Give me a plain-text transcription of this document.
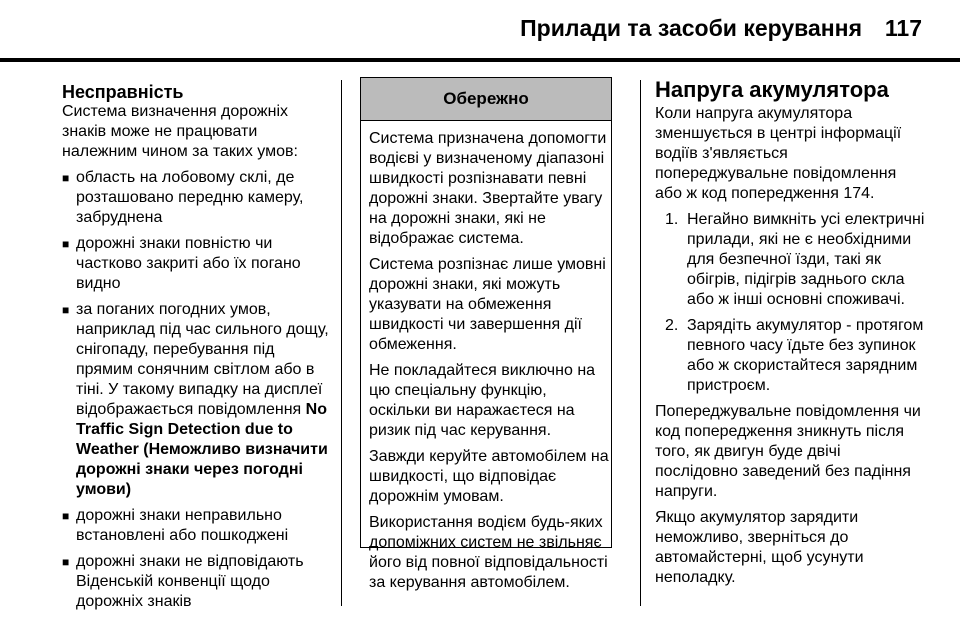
Прилади та засоби керування 117
Несправність

Система визначення дорожніх знаків може не працювати належним чином за таких умов:

■ область на лобовому склі, де розташовано передню камеру, забруднена
■ дорожні знаки повністю чи частково закриті або їх погано видно
■ за поганих погодних умов, наприклад під час сильного дощу, снігопаду, перебування під прямим сонячним світлом або в тіні. У такому випадку на дисплеї відображається повідомлення No Traffic Sign Detection due to Weather (Неможливо визначити дорожні знаки через погодні умови)
■ дорожні знаки неправильно встановлені або пошкоджені
■ дорожні знаки не відповідають Віденській конвенції щодо дорожніх знаків
Обережно

Система призначена допомогти водієві у визначеному діапазоні швидкості розпізнавати певні дорожні знаки. Звертайте увагу на дорожні знаки, які не відображає система.

Система розпізнає лише умовні дорожні знаки, які можуть указувати на обмеження швидкості чи завершення дії обмеження.

Не покладайтеся виключно на цю спеціальну функцію, оскільки ви наражаєтеся на ризик під час керування.

Завжди керуйте автомобілем на швидкості, що відповідає дорожнім умовам.

Використання водієм будь-яких допоміжних систем не звільняє його від повної відповідальності за керування автомобілем.

Напруга акумулятора

Коли напруга акумулятора зменшується в центрі інформації водіїв з'являється попереджувальне повідомлення або ж код попередження 174.

1. Негайно вимкніть усі електричні прилади, які не є необхідними для безпечної їзди, такі як обігрів, підігрів заднього скла або ж інші основні споживачі.
2. Зарядіть акумулятор - протягом певного часу їдьте без зупинок або ж скористайтеся зарядним пристроєм.

Попереджувальне повідомлення чи код попередження зникнуть після того, як двигун буде двічі послідовно заведений без падіння напруги.

Якщо акумулятор зарядити неможливо, зверніться до автомайстерні, щоб усунути неполадку.
